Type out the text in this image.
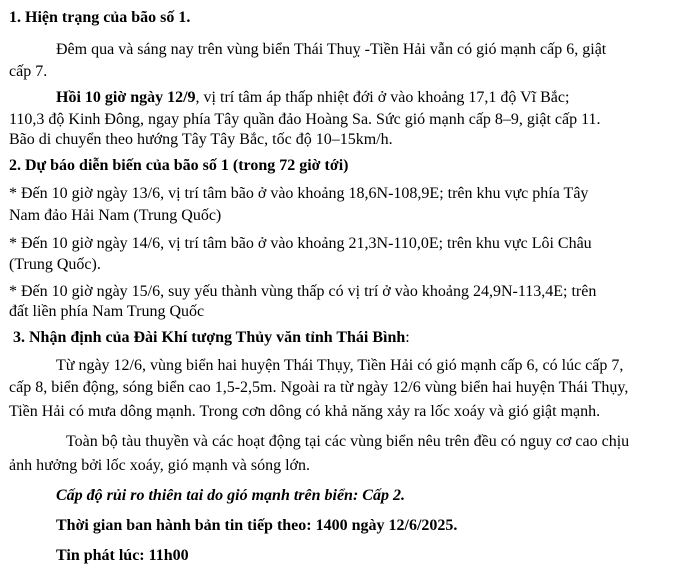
1. Hiện trạng của bão số 1.
Đêm qua và sáng nay trên vùng biển Thái Thuỵ -Tiền Hải vẫn có gió mạnh cấp 6, giật
cấp 7.
Hồi 10 giờ ngày 12/9, vị trí tâm áp thấp nhiệt đới ở vào khoảng 17,1 độ Vĩ Bắc;
110,3 độ Kinh Đông, ngay phía Tây quần đảo Hoàng Sa. Sức gió mạnh cấp 8–9, giật cấp 11.
Bão di chuyển theo hướng Tây Tây Bắc, tốc độ 10–15km/h.
2. Dự báo diễn biến của bão số 1 (trong 72 giờ tới)
* Đến 10 giờ ngày 13/6, vị trí tâm bão ở vào khoảng 18,6N-108,9E; trên khu vực phía Tây
Nam đảo Hải Nam (Trung Quốc)
* Đến 10 giờ ngày 14/6, vị trí tâm bão ở vào khoảng 21,3N-110,0E; trên khu vực Lôi Châu
(Trung Quốc).
* Đến 10 giờ ngày 15/6, suy yếu thành vùng thấp có vị trí ở vào khoảng 24,9N-113,4E; trên
đất liền phía Nam Trung Quốc
3. Nhận định của Đài Khí tượng Thủy văn tỉnh Thái Bình:
Từ ngày 12/6, vùng biển hai huyện Thái Thụy, Tiền Hải có gió mạnh cấp 6, có lúc cấp 7,
cấp 8, biển động, sóng biển cao 1,5-2,5m. Ngoài ra từ ngày 12/6 vùng biển hai huyện Thái Thụy,
Tiền Hải có mưa dông mạnh. Trong cơn dông có khả năng xảy ra lốc xoáy và gió giật mạnh.
Toàn bộ tàu thuyền và các hoạt động tại các vùng biển nêu trên đều có nguy cơ cao chịu
ảnh hưởng bởi lốc xoáy, gió mạnh và sóng lớn.
Cấp độ rủi ro thiên tai do gió mạnh trên biển: Cấp 2.
Thời gian ban hành bản tin tiếp theo: 1400 ngày 12/6/2025.
Tin phát lúc: 11h00
